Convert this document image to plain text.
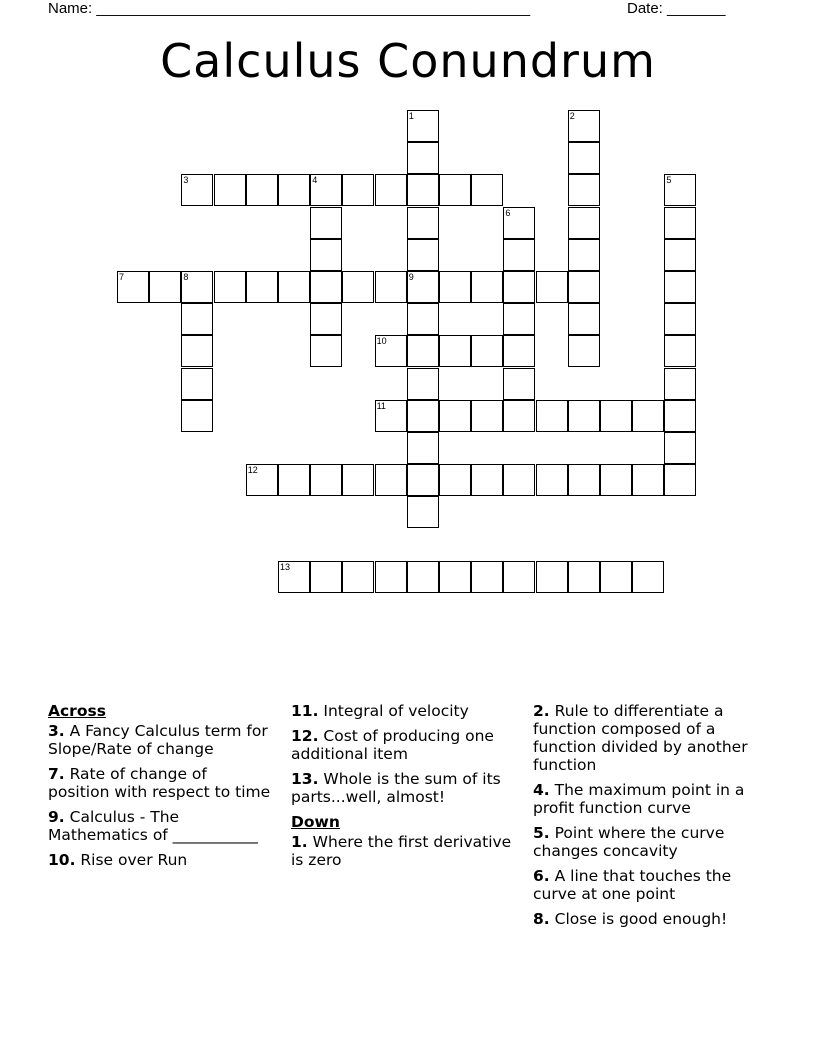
Name: ____________________________________________________	Date: _______
Calculus Conundrum
1
9
2
3	4	5
6
7	8
10
11
12
13
Across
3. A Fancy Calculus term for Slope/Rate of change
7. Rate of change of position with respect to time
9. Calculus - The Mathematics of ___________
10. Rise over Run
11. Integral of velocity
12. Cost of producing one additional item
13. Whole is the sum of its parts...well, almost!
Down
1. Where the first derivative is zero
2. Rule to differentiate a function composed of a function divided by another function
4. The maximum point in a profit function curve
5. Point where the curve changes concavity
6. A line that touches the curve at one point
8. Close is good enough!
